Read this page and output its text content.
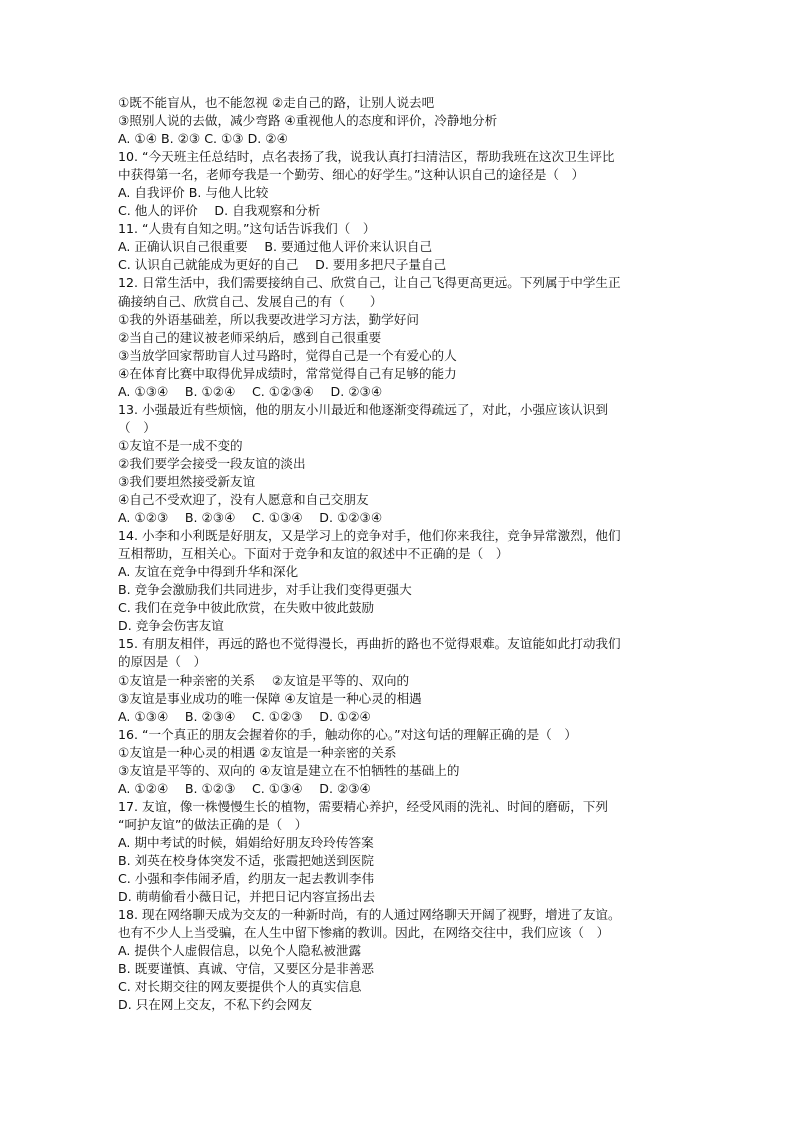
①既不能盲从，也不能忽视 ②走自己的路，让别人说去吧
③照别人说的去做，减少弯路 ④重视他人的态度和评价，冷静地分析
A. ①④ B. ②③ C. ①③ D. ②④
10. “今天班主任总结时，点名表扬了我，说我认真打扫清洁区，帮助我班在这次卫生评比
中获得第一名，老师夸我是一个勤劳、细心的好学生。”这种认识自己的途径是（　）
A. 自我评价 B. 与他人比较
C. 他人的评价　 D. 自我观察和分析
11. “人贵有自知之明。”这句话告诉我们（　）
A. 正确认识自己很重要　 B. 要通过他人评价来认识自己
C. 认识自己就能成为更好的自己　 D. 要用多把尺子量自己
12. 日常生活中，我们需要接纳自己、欣赏自己，让自己飞得更高更远。下列属于中学生正
确接纳自己、欣赏自己、发展自己的有（　　）
①我的外语基础差，所以我要改进学习方法，勤学好问
②当自己的建议被老师采纳后，感到自己很重要
③当放学回家帮助盲人过马路时，觉得自己是一个有爱心的人
④在体育比赛中取得优异成绩时，常常觉得自己有足够的能力
A. ①③④　 B. ①②④　 C. ①②③④　 D. ②③④
13. 小强最近有些烦恼，他的朋友小川最近和他逐渐变得疏远了，对此，小强应该认识到
（　）
①友谊不是一成不变的
②我们要学会接受一段友谊的淡出
③我们要坦然接受新友谊
④自己不受欢迎了，没有人愿意和自己交朋友
A. ①②③　 B. ②③④　 C. ①③④　 D. ①②③④
14. 小李和小利既是好朋友，又是学习上的竞争对手，他们你来我往，竞争异常激烈，他们
互相帮助，互相关心。下面对于竞争和友谊的叙述中不正确的是（　）
A. 友谊在竞争中得到升华和深化
B. 竞争会激励我们共同进步，对手让我们变得更强大
C. 我们在竞争中彼此欣赏，在失败中彼此鼓励
D. 竞争会伤害友谊
15. 有朋友相伴，再远的路也不觉得漫长，再曲折的路也不觉得艰难。友谊能如此打动我们
的原因是（　）
①友谊是一种亲密的关系　 ②友谊是平等的、双向的
③友谊是事业成功的唯一保障 ④友谊是一种心灵的相遇
A. ①③④　 B. ②③④　 C. ①②③　 D. ①②④
16. “一个真正的朋友会握着你的手，触动你的心。”对这句话的理解正确的是（　）
①友谊是一种心灵的相遇 ②友谊是一种亲密的关系
③友谊是平等的、双向的 ④友谊是建立在不怕牺牲的基础上的
A. ①②④　 B. ①②③　 C. ①③④　 D. ②③④
17. 友谊，像一株慢慢生长的植物，需要精心养护，经受风雨的洗礼、时间的磨砺，下列
“呵护友谊”的做法正确的是（　）
A. 期中考试的时候，娟娟给好朋友玲玲传答案
B. 刘英在校身体突发不适，张霞把她送到医院
C. 小强和李伟闹矛盾，约朋友一起去教训李伟
D. 萌萌偷看小薇日记，并把日记内容宣扬出去
18. 现在网络聊天成为交友的一种新时尚，有的人通过网络聊天开阔了视野，增进了友谊。
也有不少人上当受骗，在人生中留下惨痛的教训。因此，在网络交往中，我们应该（　）
A. 提供个人虚假信息，以免个人隐私被泄露
B. 既要谨慎、真诚、守信，又要区分是非善恶
C. 对长期交往的网友要提供个人的真实信息
D. 只在网上交友，不私下约会网友
